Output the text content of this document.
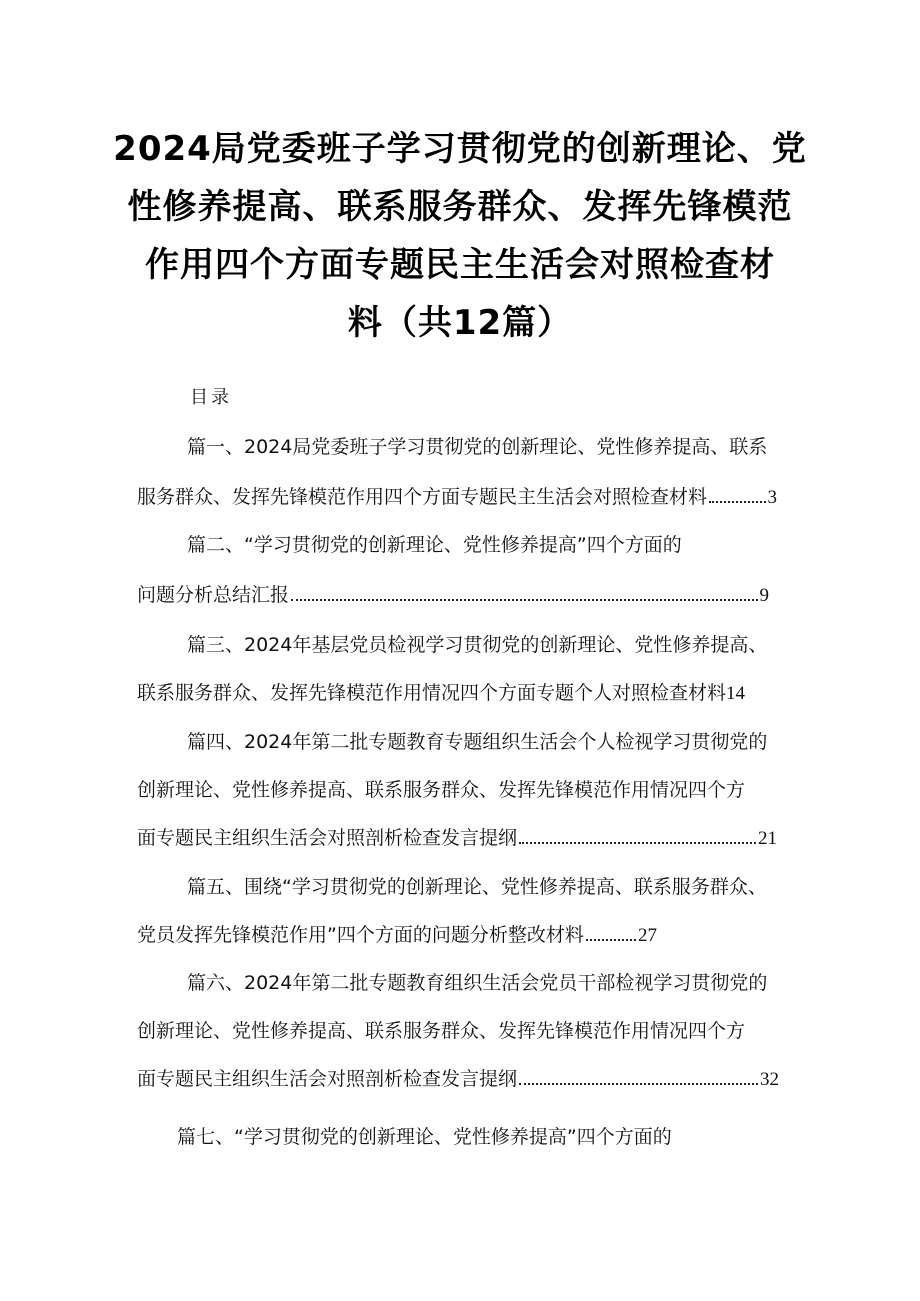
2024局党委班子学习贯彻党的创新理论、党
性修养提高、联系服务群众、发挥先锋模范
作用四个方面专题民主生活会对照检查材
料（共12篇）
目录
篇一、2024局党委班子学习贯彻党的创新理论、党性修养提高、联系
服务群众、发挥先锋模范作用四个方面专题民主生活会对照检查材料	3
篇二、“学习贯彻党的创新理论、党性修养提高”四个方面的
问题分析总结汇报	9
篇三、2024年基层党员检视学习贯彻党的创新理论、党性修养提高、
联系服务群众、发挥先锋模范作用情况四个方面专题个人对照检查材料 14
篇四、2024年第二批专题教育专题组织生活会个人检视学习贯彻党的
创新理论、党性修养提高、联系服务群众、发挥先锋模范作用情况四个方
面专题民主组织生活会对照剖析检查发言提纲	21
篇五、围绕“学习贯彻党的创新理论、党性修养提高、联系服务群众、
党员发挥先锋模范作用”四个方面的问题分析整改材料	27
篇六、2024年第二批专题教育组织生活会党员干部检视学习贯彻党的
创新理论、党性修养提高、联系服务群众、发挥先锋模范作用情况四个方
面专题民主组织生活会对照剖析检查发言提纲	32
篇七、“学习贯彻党的创新理论、党性修养提高”四个方面的
